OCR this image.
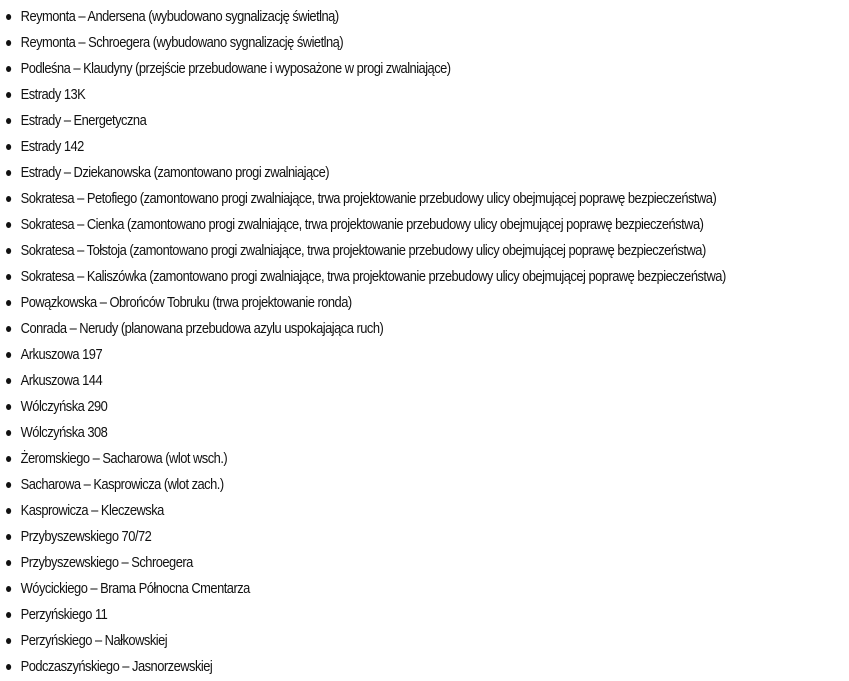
Reymonta – Andersena (wybudowano sygnalizację świetlną)
Reymonta – Schroegera (wybudowano sygnalizację świetlną)
Podleśna – Klaudyny (przejście przebudowane i wyposażone w progi zwalniające)
Estrady 13K
Estrady – Energetyczna
Estrady 142
Estrady – Dziekanowska (zamontowano progi zwalniające)
Sokratesa – Petofiego (zamontowano progi zwalniające, trwa projektowanie przebudowy ulicy obejmującej poprawę bezpieczeństwa)
Sokratesa – Cienka (zamontowano progi zwalniające, trwa projektowanie przebudowy ulicy obejmującej poprawę bezpieczeństwa)
Sokratesa – Tołstoja (zamontowano progi zwalniające, trwa projektowanie przebudowy ulicy obejmującej poprawę bezpieczeństwa)
Sokratesa – Kaliszówka (zamontowano progi zwalniające, trwa projektowanie przebudowy ulicy obejmującej poprawę bezpieczeństwa)
Powązkowska – Obrońców Tobruku (trwa projektowanie ronda)
Conrada – Nerudy (planowana przebudowa azylu uspokajająca ruch)
Arkuszowa 197
Arkuszowa 144
Wólczyńska 290
Wólczyńska 308
Żeromskiego – Sacharowa (wlot wsch.)
Sacharowa – Kasprowicza (wlot zach.)
Kasprowicza – Kleczewska
Przybyszewskiego 70/72
Przybyszewskiego – Schroegera
Wóycickiego – Brama Północna Cmentarza
Perzyńskiego 11
Perzyńskiego – Nałkowskiej
Podczaszyńskiego – Jasnorzewskiej
